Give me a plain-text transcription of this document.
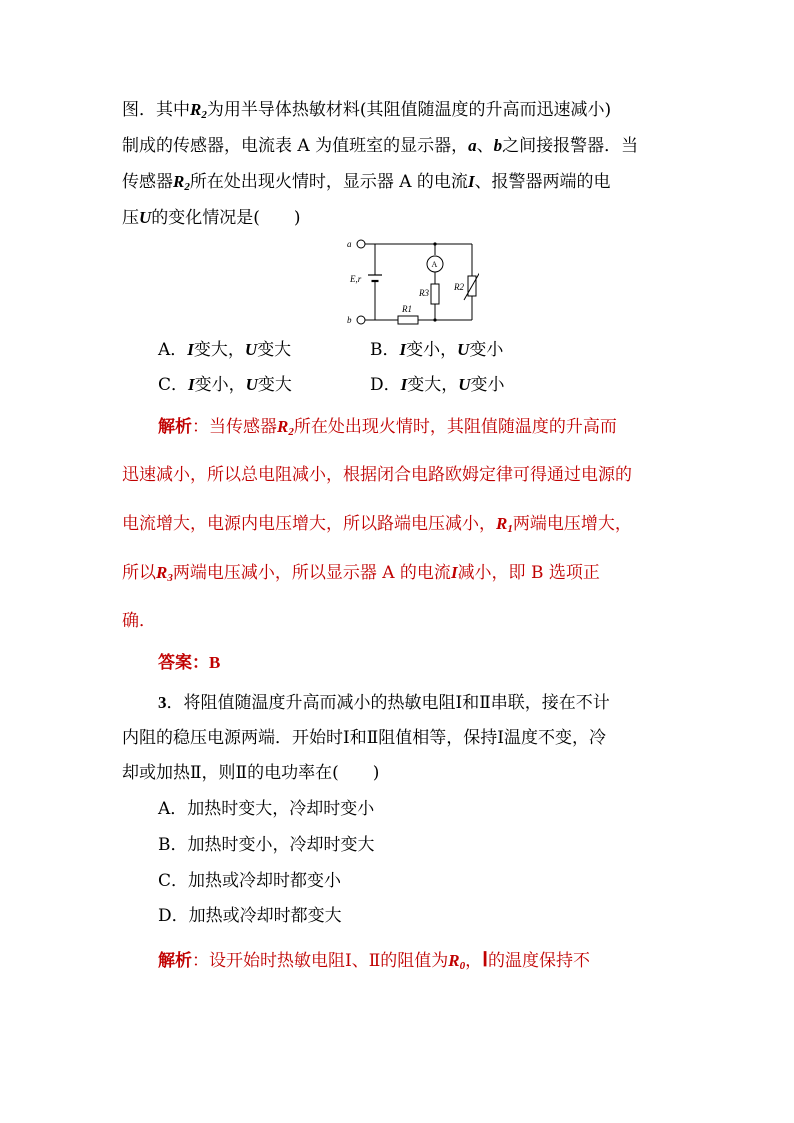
图．其中$R_2$为用半导体热敏材料(其阻值随温度的升高而迅速减小)
制成的传感器，电流表 A 为值班室的显示器，a、b之间接报警器．当
传感器$R_2$所在处出现火情时，显示器 A 的电流I、报警器两端的电
压U的变化情况是(　　)
a
b
E,r
A
R3
R2
R1
A．I变大，U变大	B．I变小，U变小
C．I变小，U变大	D．I变大，U变小
解析：当传感器$R_2$所在处出现火情时，其阻值随温度的升高而
迅速减小，所以总电阻减小，根据闭合电路欧姆定律可得通过电源的
电流增大，电源内电压增大，所以路端电压减小，$R_1$两端电压增大，
所以$R_3$两端电压减小，所以显示器 A 的电流I减小，即 B 选项正
确．
答案：B
3．将阻值随温度升高而减小的热敏电阻Ⅰ和Ⅱ串联，接在不计
内阻的稳压电源两端．开始时Ⅰ和Ⅱ阻值相等，保持Ⅰ温度不变，冷
却或加热Ⅱ，则Ⅱ的电功率在(　　)
A．加热时变大，冷却时变小
B．加热时变小，冷却时变大
C．加热或冷却时都变小
D．加热或冷却时都变大
解析：设开始时热敏电阻Ⅰ、Ⅱ的阻值为$R_0$，Ⅰ的温度保持不
